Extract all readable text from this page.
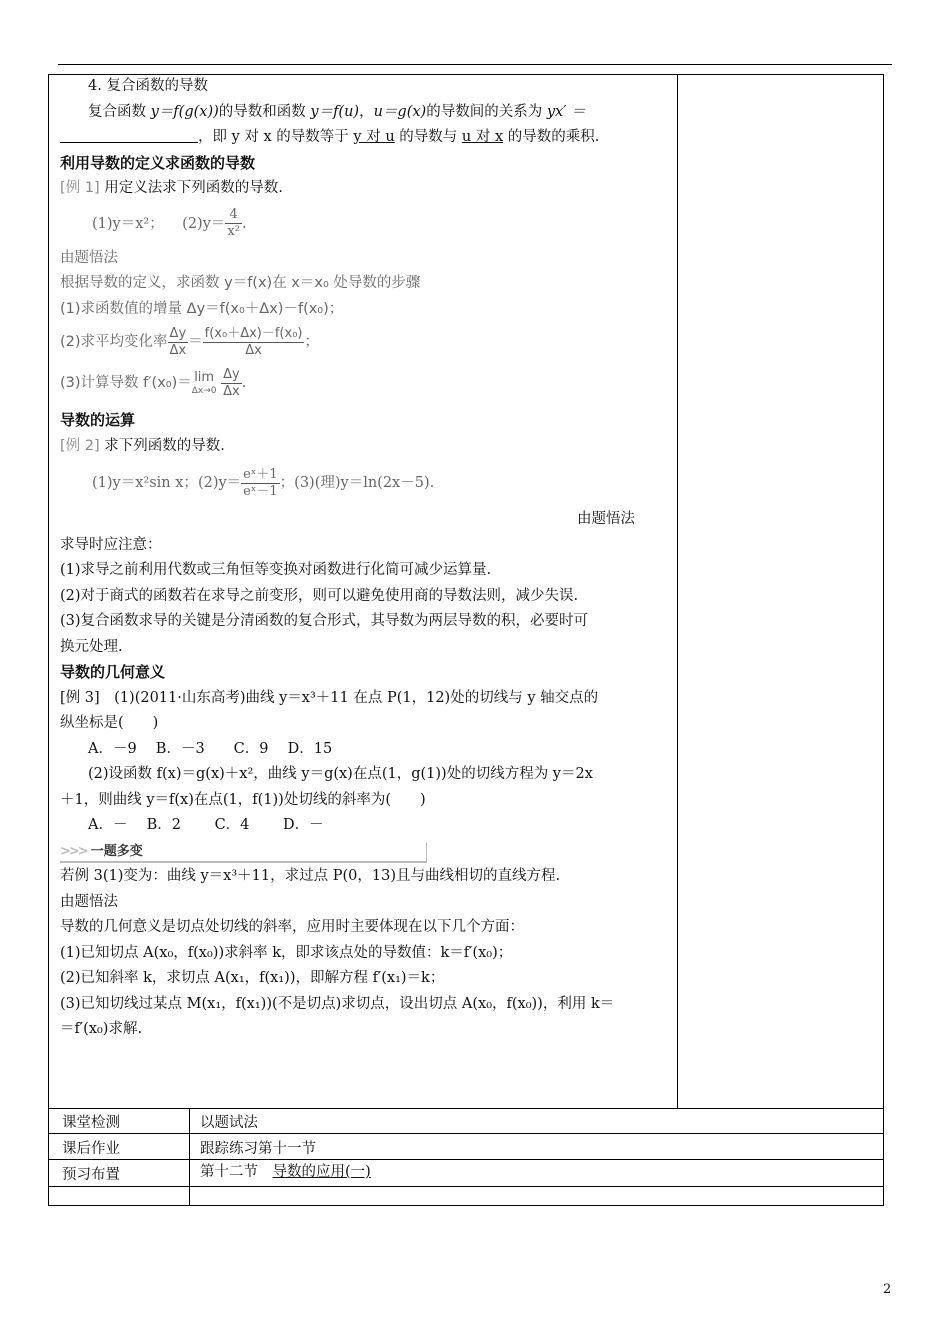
4. 复合函数的导数
复合函数 y＝f(g(x))的导数和函数 y＝f(u)，u＝g(x)的导数间的关系为 yx′ ＝
，即 y 对 x 的导数等于 y 对 u 的导数与 u 对 x 的导数的乘积.
利用导数的定义求函数的导数
[例 1] 用定义法求下列函数的导数.
(1)y＝x²； $(2)y= \frac{4}{\text{x²}}$ .
由题悟法
根据导数的定义，求函数 y＝f(x)在 x＝x₀ 处导数的步骤
(1)求函数值的增量 Δy＝f(x₀＋Δx)－f(x₀)；
(2)求平均变化率 $\frac{\Delta y}{\Delta x} = \frac{\text{f(x₀＋Δx)－f(x₀)}}{\Delta x}$ ；
(3)计算导数 f′(x₀)＝ lim
Δx→0
$\frac{\Delta y}{\Delta x}$ .
导数的运算
[例 2] 求下列函数的导数.
(1)y＝x²sin x；$(2)y= \frac{\text{eˣ＋1}}{\text{eˣ－1}}$ ；(3)(理)y＝ln(2x－5).
由题悟法
求导时应注意：
(1)求导之前利用代数或三角恒等变换对函数进行化简可减少运算量.
(2)对于商式的函数若在求导之前变形，则可以避免使用商的导数法则，减少失误.
(3)复合函数求导的关键是分清函数的复合形式，其导数为两层导数的积，必要时可
换元处理.
导数的几何意义
[例 3]　(1)(2011·山东高考)曲线 y＝x³＋11 在点 P(1，12)处的切线与 y 轴交点的
纵坐标是(　　)
A．－9　 B．－3　　C．9　 D．15
(2)设函数 f(x)＝g(x)＋x²，曲线 y＝g(x)在点(1，g(1))处的切线方程为 y＝2x
＋1，则曲线 y＝f(x)在点(1，f(1))处切线的斜率为(　　)
A．－　 B．2　　 C．4　　 D．－
>>> 一题多变
若例 3(1)变为：曲线 y＝x³＋11，求过点 P(0，13)且与曲线相切的直线方程.
由题悟法
导数的几何意义是切点处切线的斜率，应用时主要体现在以下几个方面：
(1)已知切点 A(x₀，f(x₀))求斜率 k，即求该点处的导数值：k＝f′(x₀)；
(2)已知斜率 k，求切点 A(x₁，f(x₁))，即解方程 f′(x₁)＝k；
(3)已知切线过某点 M(x₁，f(x₁))(不是切点)求切点，设出切点 A(x₀，f(x₀))，利用 k＝
＝f′(x₀)求解.
课堂检测	以题试法
课后作业	跟踪练习第十一节
预习布置	第十二节　导数的应用(一)
2
